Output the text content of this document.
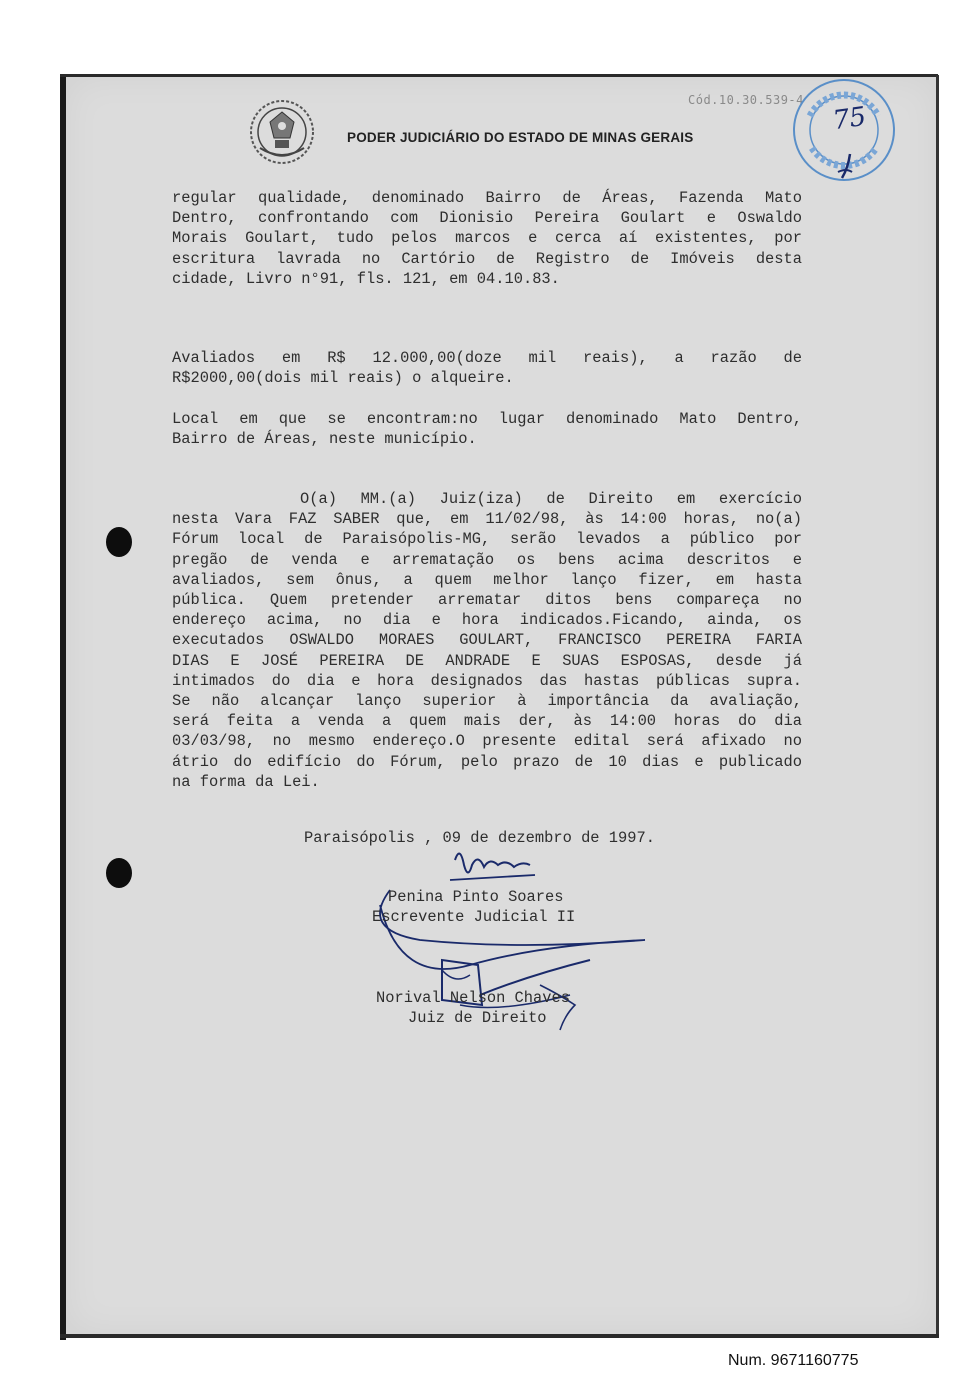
Cód.10.30.539-4
PODER JUDICIÁRIO DO ESTADO DE MINAS GERAIS
75
regular qualidade, denominado Bairro de Áreas, Fazenda Mato
Dentro, confrontando com Dionisio Pereira Goulart e Oswaldo
Morais Goulart, tudo pelos marcos e cerca aí existentes, por
escritura lavrada no Cartório de Registro de Imóveis desta
cidade, Livro n°91, fls. 121, em 04.10.83.
Avaliados em R$ 12.000,00(doze mil reais), a razão de
R$2000,00(dois mil reais) o alqueire.
Local em que se encontram:no lugar denominado Mato Dentro,
Bairro de Áreas, neste município.
O(a) MM.(a) Juiz(iza) de Direito em exercício
nesta Vara FAZ SABER que, em 11/02/98, às 14:00 horas, no(a)
Fórum local de Paraisópolis-MG, serão levados a público por
pregão de venda e arrematação os bens acima descritos e
avaliados, sem ônus, a quem melhor lanço fizer, em hasta
pública. Quem pretender arrematar ditos bens compareça no
endereço acima, no dia e hora indicados.Ficando, ainda, os
executados OSWALDO MORAES GOULART, FRANCISCO PEREIRA FARIA
DIAS E JOSÉ PEREIRA DE ANDRADE E SUAS ESPOSAS, desde já
intimados do dia e hora designados das hastas públicas supra.
Se não alcançar lanço superior à importância da avaliação,
será feita a venda a quem mais der, às 14:00 horas do dia
03/03/98, no mesmo endereço.O presente edital será afixado no
átrio do edifício do Fórum, pelo prazo de 10 dias e publicado
na forma da Lei.
Paraisópolis , 09 de dezembro de 1997.
Penina Pinto Soares
Escrevente Judicial II
Norival Nelson Chaves
Juiz de Direito
Num. 9671160775
